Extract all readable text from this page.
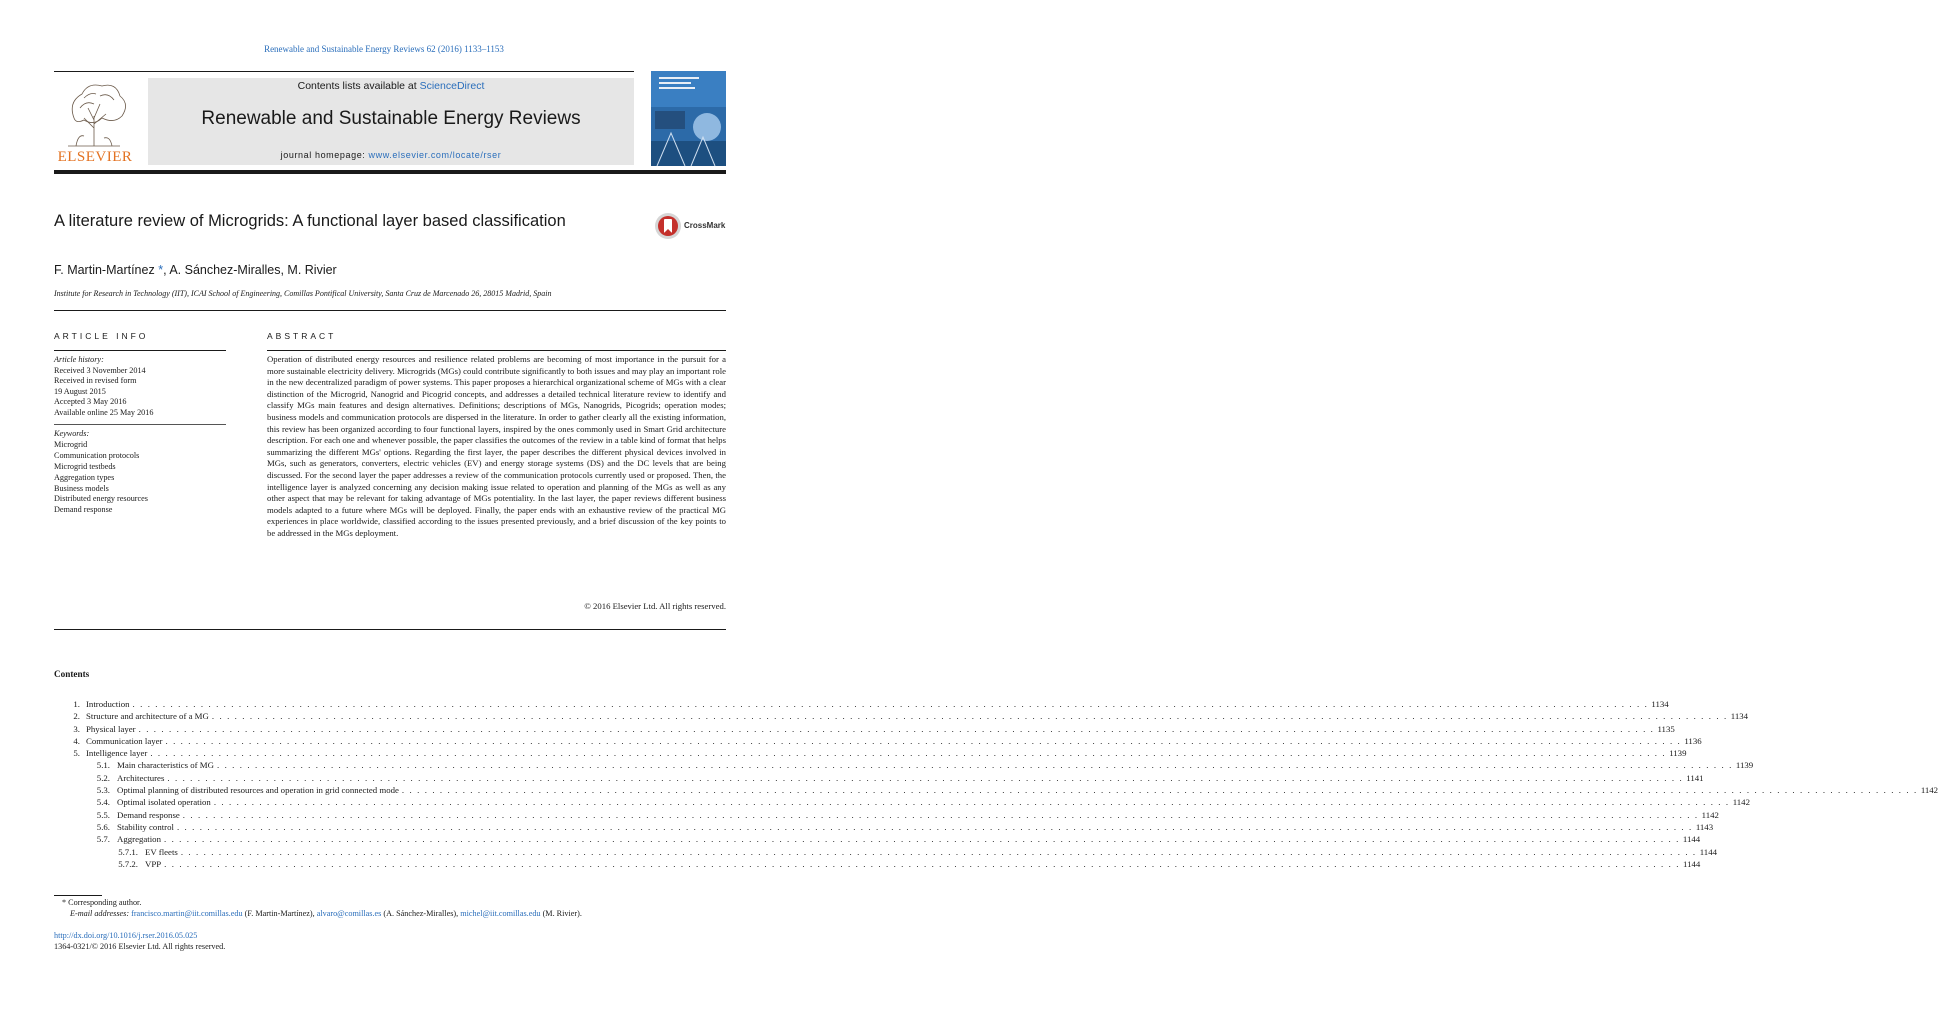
Renewable and Sustainable Energy Reviews 62 (2016) 1133–1153
ELSEVIER
Contents lists available at ScienceDirect
Renewable and Sustainable Energy Reviews
journal homepage: www.elsevier.com/locate/rser
A literature review of Microgrids: A functional layer based classification	CrossMark
F. Martin-Martínez *, A. Sánchez-Miralles, M. Rivier
Institute for Research in Technology (IIT), ICAI School of Engineering, Comillas Pontifical University, Santa Cruz de Marcenado 26, 28015 Madrid, Spain
ARTICLE INFO	ABSTRACT
Article history:
Received 3 November 2014
Received in revised form
19 August 2015
Accepted 3 May 2016
Available online 25 May 2016
Keywords:
Microgrid
Communication protocols
Microgrid testbeds
Aggregation types
Business models
Distributed energy resources
Demand response
Operation of distributed energy resources and resilience related problems are becoming of most importance in the pursuit for a more sustainable electricity delivery. Microgrids (MGs) could contribute significantly to both issues and may play an important role in the new decentralized paradigm of power systems. This paper proposes a hierarchical organizational scheme of MGs with a clear distinction of the Microgrid, Nanogrid and Picogrid concepts, and addresses a detailed technical literature review to identify and classify MGs main features and design alternatives. Definitions; descriptions of MGs, Nanogrids, Picogrids; operation modes; business models and communication protocols are dispersed in the literature. In order to gather clearly all the existing information, this review has been organized according to four functional layers, inspired by the ones commonly used in Smart Grid architecture description. For each one and whenever possible, the paper classifies the outcomes of the review in a table kind of format that helps summarizing the different MGs' options. Regarding the first layer, the paper describes the different physical devices involved in MGs, such as generators, converters, electric vehicles (EV) and energy storage systems (DS) and the DC levels that are being discussed. For the second layer the paper addresses a review of the communication protocols currently used or proposed. Then, the intelligence layer is analyzed concerning any decision making issue related to operation and planning of the MGs as well as any other aspect that may be relevant for taking advantage of MGs potentiality. In the last layer, the paper reviews different business models adapted to a future where MGs will be deployed. Finally, the paper ends with an exhaustive review of the practical MG experiences in place worldwide, classified according to the issues presented previously, and a brief discussion of the key points to be addressed in the MGs deployment.
© 2016 Elsevier Ltd. All rights reserved.
Contents
1. Introduction . . . . . . . . . . . . . . . . . . . . . . . . . . . . . . . . . . . . . . . . . . . . . . . . . . . . . . . . . . . . . . . . . . . . . . . . . . . . . . . . . . . . . . . . . . . . . . . . . . . . . . . . . . . . . . . . . . . . . . . . . . . . . . . . . . . . . . . . . . . . . . . . . . . . . . . . . . . . . . . . . . . . . . . . . . . . . . . . . . . . . . . . . . . . . . . . . . . . . . . . 1134
2. Structure and architecture of a MG . . . . . . . . . . . . . . . . . . . . . . . . . . . . . . . . . . . . . . . . . . . . . . . . . . . . . . . . . . . . . . . . . . . . . . . . . . . . . . . . . . . . . . . . . . . . . . . . . . . . . . . . . . . . . . . . . . . . . . . . . . . . . . . . . . . . . . . . . . . . . . . . . . . . . . . . . . . . . . . . . . . . . . . . . . . . . . . . . . . . . . . . . . . . . . . . . . . . . . . . 1134
3. Physical layer . . . . . . . . . . . . . . . . . . . . . . . . . . . . . . . . . . . . . . . . . . . . . . . . . . . . . . . . . . . . . . . . . . . . . . . . . . . . . . . . . . . . . . . . . . . . . . . . . . . . . . . . . . . . . . . . . . . . . . . . . . . . . . . . . . . . . . . . . . . . . . . . . . . . . . . . . . . . . . . . . . . . . . . . . . . . . . . . . . . . . . . . . . . . . . . . . . . . . . . . 1135
4. Communication layer . . . . . . . . . . . . . . . . . . . . . . . . . . . . . . . . . . . . . . . . . . . . . . . . . . . . . . . . . . . . . . . . . . . . . . . . . . . . . . . . . . . . . . . . . . . . . . . . . . . . . . . . . . . . . . . . . . . . . . . . . . . . . . . . . . . . . . . . . . . . . . . . . . . . . . . . . . . . . . . . . . . . . . . . . . . . . . . . . . . . . . . . . . . . . . . . . . . . . . . . 1136
5. Intelligence layer . . . . . . . . . . . . . . . . . . . . . . . . . . . . . . . . . . . . . . . . . . . . . . . . . . . . . . . . . . . . . . . . . . . . . . . . . . . . . . . . . . . . . . . . . . . . . . . . . . . . . . . . . . . . . . . . . . . . . . . . . . . . . . . . . . . . . . . . . . . . . . . . . . . . . . . . . . . . . . . . . . . . . . . . . . . . . . . . . . . . . . . . . . . . . . . . . . . . . . . . 1139
5.1. Main characteristics of MG . . . . . . . . . . . . . . . . . . . . . . . . . . . . . . . . . . . . . . . . . . . . . . . . . . . . . . . . . . . . . . . . . . . . . . . . . . . . . . . . . . . . . . . . . . . . . . . . . . . . . . . . . . . . . . . . . . . . . . . . . . . . . . . . . . . . . . . . . . . . . . . . . . . . . . . . . . . . . . . . . . . . . . . . . . . . . . . . . . . . . . . . . . . . . . . . . . . . . . . . 1139
5.2. Architectures . . . . . . . . . . . . . . . . . . . . . . . . . . . . . . . . . . . . . . . . . . . . . . . . . . . . . . . . . . . . . . . . . . . . . . . . . . . . . . . . . . . . . . . . . . . . . . . . . . . . . . . . . . . . . . . . . . . . . . . . . . . . . . . . . . . . . . . . . . . . . . . . . . . . . . . . . . . . . . . . . . . . . . . . . . . . . . . . . . . . . . . . . . . . . . . . . . . . . . . . 1141
5.3. Optimal planning of distributed resources and operation in grid connected mode . . . . . . . . . . . . . . . . . . . . . . . . . . . . . . . . . . . . . . . . . . . . . . . . . . . . . . . . . . . . . . . . . . . . . . . . . . . . . . . . . . . . . . . . . . . . . . . . . . . . . . . . . . . . . . . . . . . . . . . . . . . . . . . . . . . . . . . . . . . . . . . . . . . . . . . . . . . . . . . . . . . . . . . . . . . . . . . . . . . . . . . . . . . . . . . . . . . . . . . . 1142
5.4. Optimal isolated operation . . . . . . . . . . . . . . . . . . . . . . . . . . . . . . . . . . . . . . . . . . . . . . . . . . . . . . . . . . . . . . . . . . . . . . . . . . . . . . . . . . . . . . . . . . . . . . . . . . . . . . . . . . . . . . . . . . . . . . . . . . . . . . . . . . . . . . . . . . . . . . . . . . . . . . . . . . . . . . . . . . . . . . . . . . . . . . . . . . . . . . . . . . . . . . . . . . . . . . . . 1142
5.5. Demand response . . . . . . . . . . . . . . . . . . . . . . . . . . . . . . . . . . . . . . . . . . . . . . . . . . . . . . . . . . . . . . . . . . . . . . . . . . . . . . . . . . . . . . . . . . . . . . . . . . . . . . . . . . . . . . . . . . . . . . . . . . . . . . . . . . . . . . . . . . . . . . . . . . . . . . . . . . . . . . . . . . . . . . . . . . . . . . . . . . . . . . . . . . . . . . . . . . . . . . . . 1142
5.6. Stability control . . . . . . . . . . . . . . . . . . . . . . . . . . . . . . . . . . . . . . . . . . . . . . . . . . . . . . . . . . . . . . . . . . . . . . . . . . . . . . . . . . . . . . . . . . . . . . . . . . . . . . . . . . . . . . . . . . . . . . . . . . . . . . . . . . . . . . . . . . . . . . . . . . . . . . . . . . . . . . . . . . . . . . . . . . . . . . . . . . . . . . . . . . . . . . . . . . . . . . . . 1143
5.7. Aggregation . . . . . . . . . . . . . . . . . . . . . . . . . . . . . . . . . . . . . . . . . . . . . . . . . . . . . . . . . . . . . . . . . . . . . . . . . . . . . . . . . . . . . . . . . . . . . . . . . . . . . . . . . . . . . . . . . . . . . . . . . . . . . . . . . . . . . . . . . . . . . . . . . . . . . . . . . . . . . . . . . . . . . . . . . . . . . . . . . . . . . . . . . . . . . . . . . . . . . . . . 1144
5.7.1. EV fleets . . . . . . . . . . . . . . . . . . . . . . . . . . . . . . . . . . . . . . . . . . . . . . . . . . . . . . . . . . . . . . . . . . . . . . . . . . . . . . . . . . . . . . . . . . . . . . . . . . . . . . . . . . . . . . . . . . . . . . . . . . . . . . . . . . . . . . . . . . . . . . . . . . . . . . . . . . . . . . . . . . . . . . . . . . . . . . . . . . . . . . . . . . . . . . . . . . . . . . . . 1144
5.7.2. VPP . . . . . . . . . . . . . . . . . . . . . . . . . . . . . . . . . . . . . . . . . . . . . . . . . . . . . . . . . . . . . . . . . . . . . . . . . . . . . . . . . . . . . . . . . . . . . . . . . . . . . . . . . . . . . . . . . . . . . . . . . . . . . . . . . . . . . . . . . . . . . . . . . . . . . . . . . . . . . . . . . . . . . . . . . . . . . . . . . . . . . . . . . . . . . . . . . . . . . . . . 1144
* Corresponding author.
E-mail addresses: francisco.martin@iit.comillas.edu (F. Martin-Martínez), alvaro@comillas.es (A. Sánchez-Miralles), michel@iit.comillas.edu (M. Rivier).
http://dx.doi.org/10.1016/j.rser.2016.05.025
1364-0321/© 2016 Elsevier Ltd. All rights reserved.
